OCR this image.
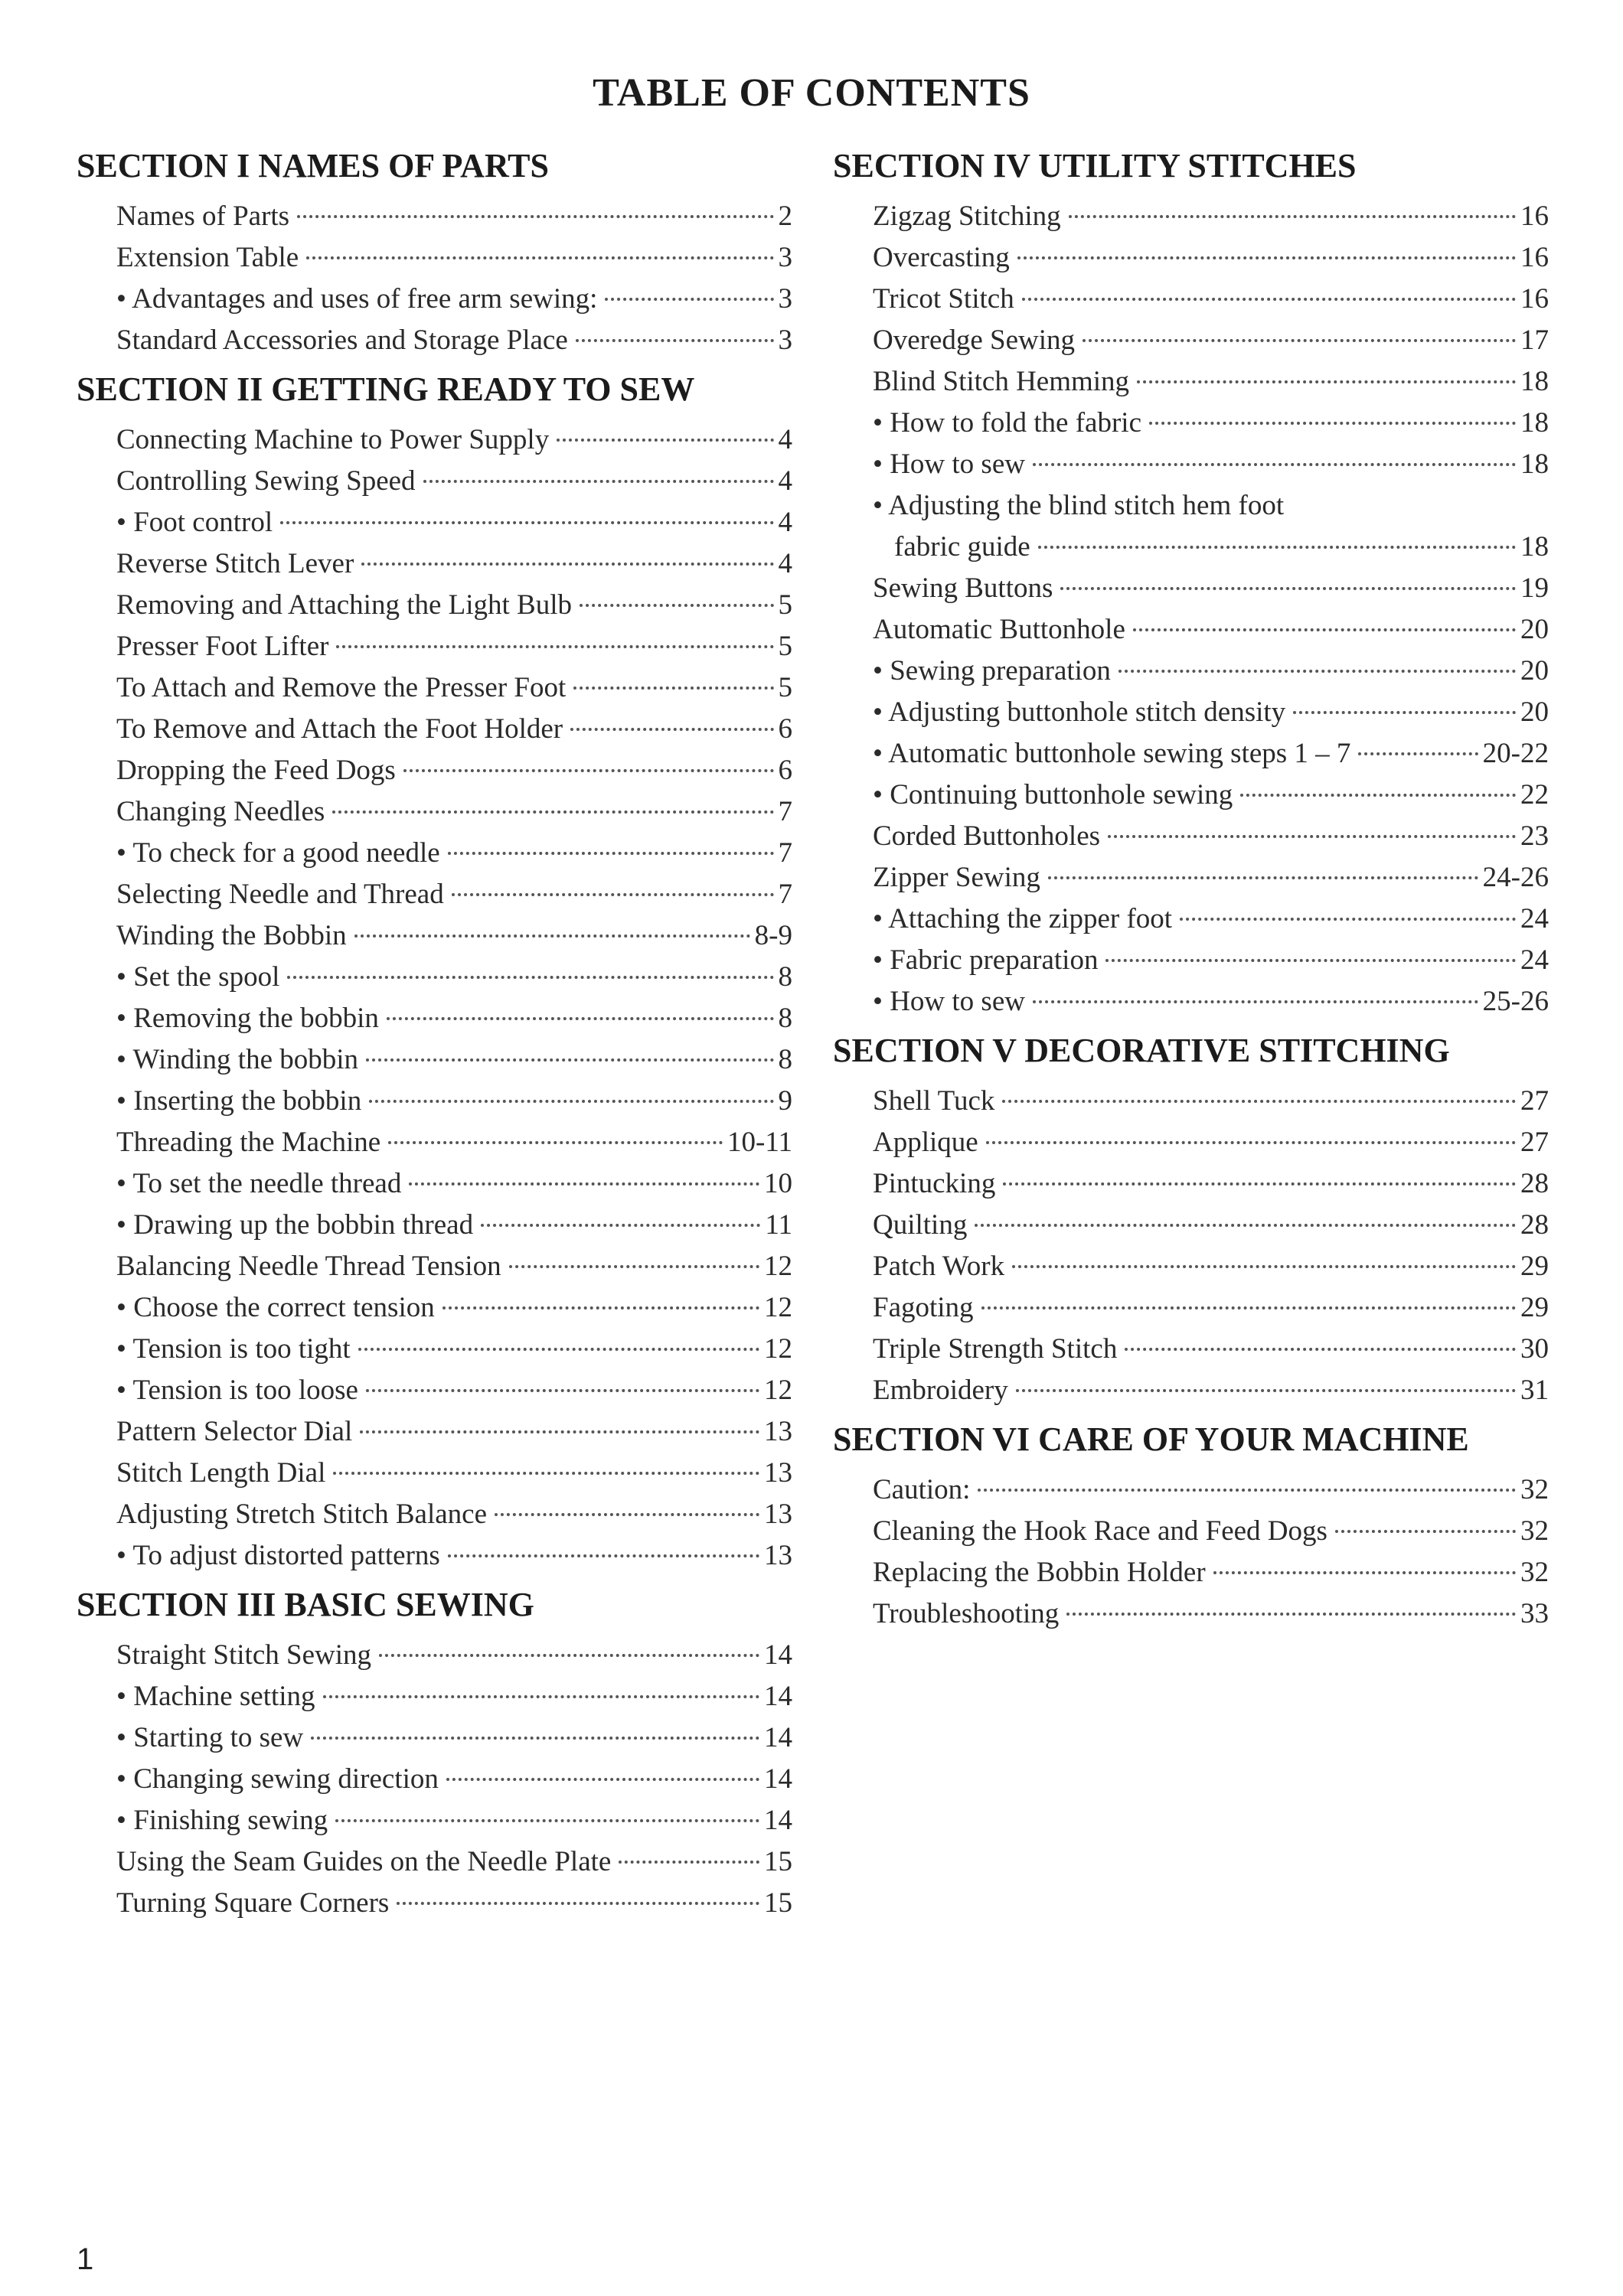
TABLE OF CONTENTS
SECTION I NAMES OF PARTS
Names of Parts	2
Extension Table	3
• Advantages and uses of free arm sewing:	3
Standard Accessories and Storage Place	3
SECTION II GETTING READY TO SEW
Connecting Machine to Power Supply	4
Controlling Sewing Speed	4
• Foot control	4
Reverse Stitch Lever	4
Removing and Attaching the Light Bulb	5
Presser Foot Lifter	5
To Attach and Remove the Presser Foot	5
To Remove and Attach the Foot Holder	6
Dropping the Feed Dogs	6
Changing Needles	7
• To check for a good needle	7
Selecting Needle and Thread	7
Winding the Bobbin	8-9
• Set the spool	8
• Removing the bobbin	8
• Winding the bobbin	8
• Inserting the bobbin	9
Threading the Machine	10-11
• To set the needle thread	10
• Drawing up the bobbin thread	11
Balancing Needle Thread Tension	12
• Choose the correct tension	12
• Tension is too tight	12
• Tension is too loose	12
Pattern Selector Dial	13
Stitch Length Dial	13
Adjusting Stretch Stitch Balance	13
• To adjust distorted patterns	13
SECTION III BASIC SEWING
Straight Stitch Sewing	14
• Machine setting	14
• Starting to sew	14
• Changing sewing direction	14
• Finishing sewing	14
Using the Seam Guides on the Needle Plate	15
Turning Square Corners	15
SECTION IV UTILITY STITCHES
Zigzag Stitching	16
Overcasting	16
Tricot Stitch	16
Overedge Sewing	17
Blind Stitch Hemming	18
• How to fold the fabric	18
• How to sew	18
• Adjusting the blind stitch hem foot
fabric guide	18
Sewing Buttons	19
Automatic Buttonhole	20
• Sewing preparation	20
• Adjusting buttonhole stitch density	20
• Automatic buttonhole sewing steps 1 – 7	20-22
• Continuing buttonhole sewing	22
Corded Buttonholes	23
Zipper Sewing	24-26
• Attaching the zipper foot	24
• Fabric preparation	24
• How to sew	25-26
SECTION V DECORATIVE STITCHING
Shell Tuck	27
Applique	27
Pintucking	28
Quilting	28
Patch Work	29
Fagoting	29
Triple Strength Stitch	30
Embroidery	31
SECTION VI CARE OF YOUR MACHINE
Caution:	32
Cleaning the Hook Race and Feed Dogs	32
Replacing the Bobbin Holder	32
Troubleshooting	33
1
